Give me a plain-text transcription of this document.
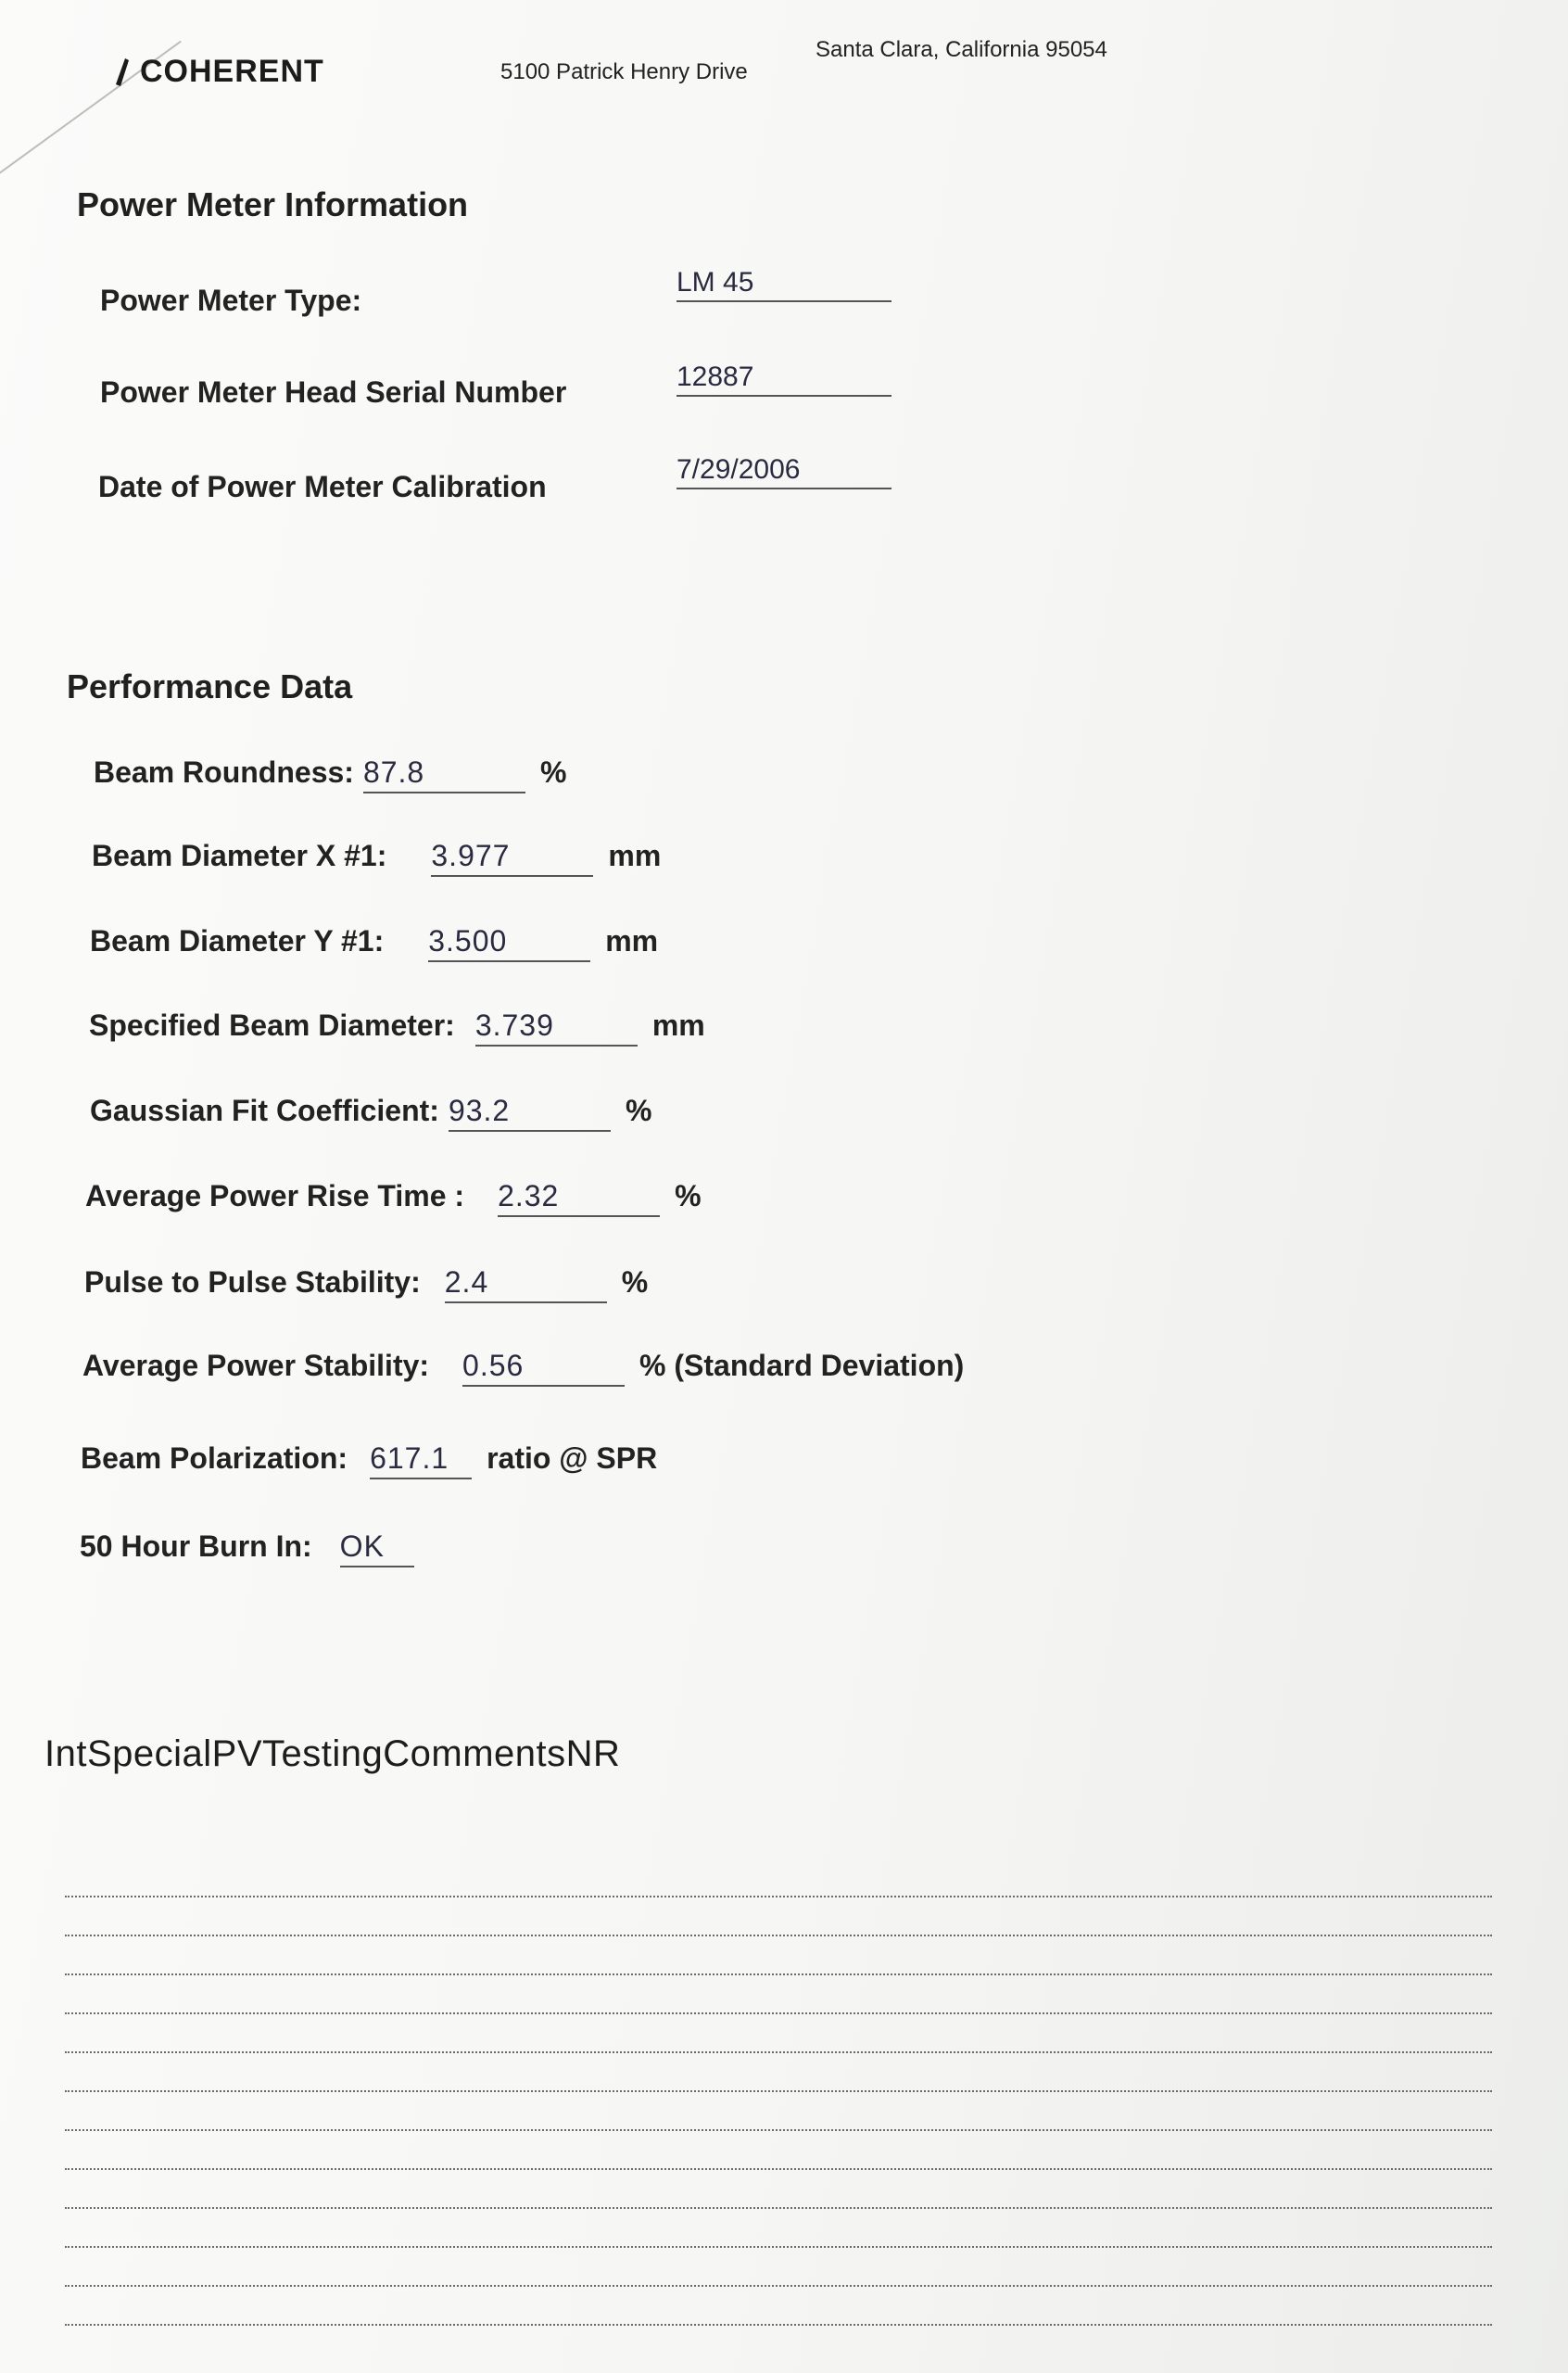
COHERENT	5100 Patrick Henry Drive
Santa Clara, California 95054
Power Meter Information
Power Meter Type:
LM 45
Power Meter Head Serial Number	12887
Date of Power Meter Calibration
7/29/2006
Performance Data
Beam Roundness: 87.8	%
Beam Diameter X #1: 3.977	mm
Beam Diameter Y #1: 3.500	mm
Specified Beam Diameter: 3.739	mm
Gaussian Fit Coefficient: 93.2	%
Average Power Rise Time : 2.32	%
Pulse to Pulse Stability: 2.4	%
Average Power Stability: 0.56	% (Standard Deviation)
Beam Polarization: 617.1 ratio @ SPR
50 Hour Burn In: OK
IntSpecialPVTestingCommentsNR
